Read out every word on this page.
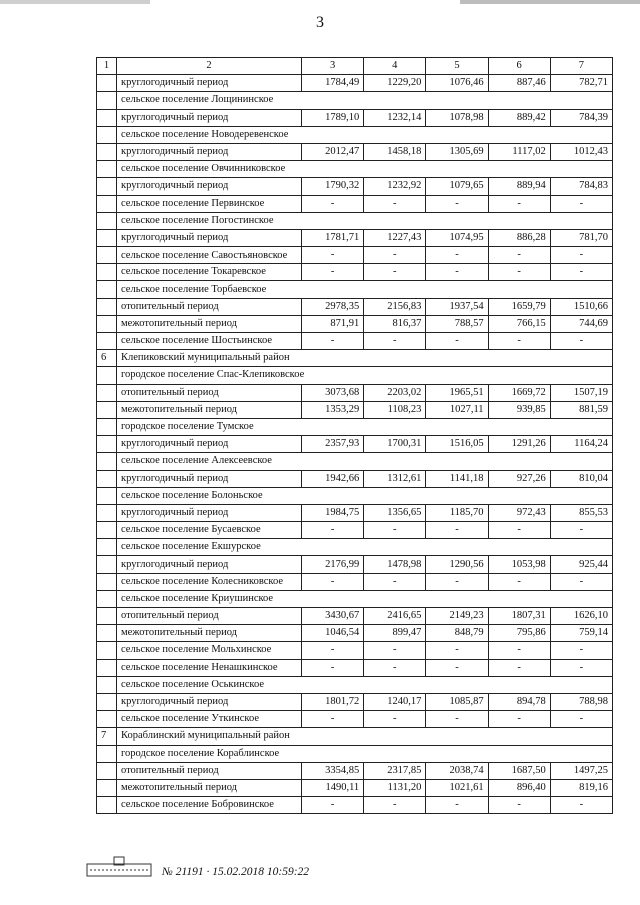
3
1	2	3	4	5	6	7
	круглогодичный период	1784,49	1229,20	1076,46	887,46	782,71
	сельское поселение Лощининское					
	круглогодичный период	1789,10	1232,14	1078,98	889,42	784,39
	сельское поселение Новодеревенское					
	круглогодичный период	2012,47	1458,18	1305,69	1117,02	1012,43
	сельское поселение Овчинниковское					
	круглогодичный период	1790,32	1232,92	1079,65	889,94	784,83
	сельское поселение Первинское	-	-	-	-	-
	сельское поселение Погостинское					
	круглогодичный период	1781,71	1227,43	1074,95	886,28	781,70
	сельское поселение Савостьяновское	-	-	-	-	-
	сельское поселение Токаревское	-	-	-	-	-
	сельское поселение Торбаевское					
	отопительный период	2978,35	2156,83	1937,54	1659,79	1510,66
	межотопительный период	871,91	816,37	788,57	766,15	744,69
	сельское поселение Шостьинское	-	-	-	-	-
6	Клепиковский муниципальный район					
	городское поселение Спас-Клепиковское					
	отопительный период	3073,68	2203,02	1965,51	1669,72	1507,19
	межотопительный период	1353,29	1108,23	1027,11	939,85	881,59
	городское поселение Тумское					
	круглогодичный период	2357,93	1700,31	1516,05	1291,26	1164,24
	сельское поселение Алексеевское					
	круглогодичный период	1942,66	1312,61	1141,18	927,26	810,04
	сельское поселение Болоньское					
	круглогодичный период	1984,75	1356,65	1185,70	972,43	855,53
	сельское поселение Бусаевское	-	-	-	-	-
	сельское поселение Екшурское					
	круглогодичный период	2176,99	1478,98	1290,56	1053,98	925,44
	сельское поселение Колесниковское	-	-	-	-	-
	сельское поселение Криушинское					
	отопительный период	3430,67	2416,65	2149,23	1807,31	1626,10
	межотопительный период	1046,54	899,47	848,79	795,86	759,14
	сельское поселение Мольхинское	-	-	-	-	-
	сельское поселение Ненашкинское	-	-	-	-	-
	сельское поселение Оськинское					
	круглогодичный период	1801,72	1240,17	1085,87	894,78	788,98
	сельское поселение Уткинское	-	-	-	-	-
7	Кораблинский муниципальный район					
	городское поселение Кораблинское					
	отопительный период	3354,85	2317,85	2038,74	1687,50	1497,25
	межотопительный период	1490,11	1131,20	1021,61	896,40	819,16
	сельское поселение Бобровинское	-	-	-	-	-
№ 21191 · 15.02.2018 10:59:22
